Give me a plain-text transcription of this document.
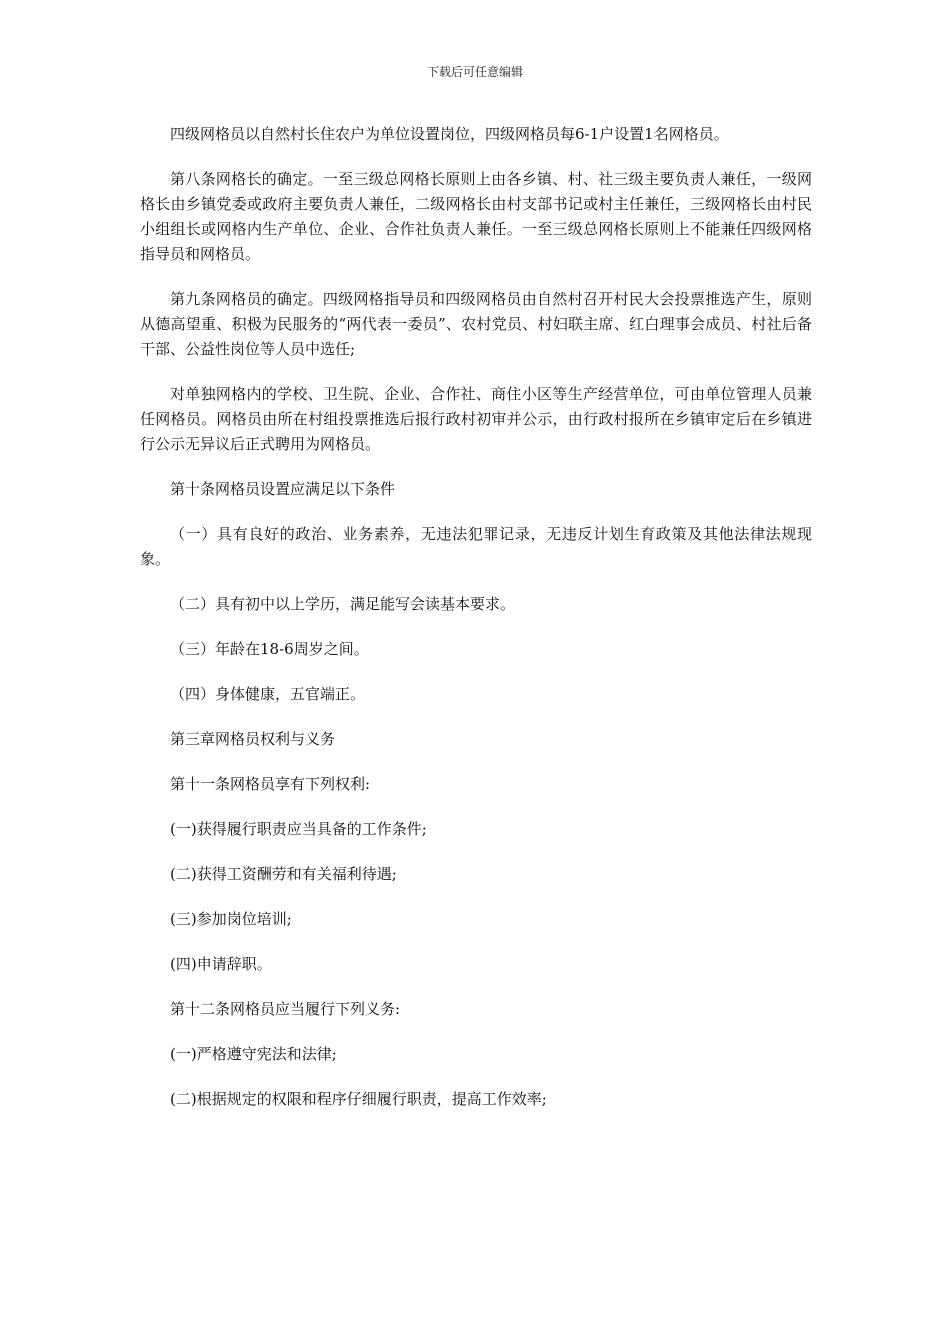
下载后可任意编辑

四级网格员以自然村长住农户为单位设置岗位，四级网格员每6-1户设置1名网格员。

第八条网格长的确定。一至三级总网格长原则上由各乡镇、村、社三级主要负责人兼任，一级网格长由乡镇党委或政府主要负责人兼任，二级网格长由村支部书记或村主任兼任，三级网格长由村民小组组长或网格内生产单位、企业、合作社负责人兼任。一至三级总网格长原则上不能兼任四级网格指导员和网格员。

第九条网格员的确定。四级网格指导员和四级网格员由自然村召开村民大会投票推选产生，原则从德高望重、积极为民服务的“两代表一委员”、农村党员、村妇联主席、红白理事会成员、村社后备干部、公益性岗位等人员中选任;

对单独网格内的学校、卫生院、企业、合作社、商住小区等生产经营单位，可由单位管理人员兼任网格员。网格员由所在村组投票推选后报行政村初审并公示，由行政村报所在乡镇审定后在乡镇进行公示无异议后正式聘用为网格员。

第十条网格员设置应满足以下条件

（一）具有良好的政治、业务素养，无违法犯罪记录，无违反计划生育政策及其他法律法规现象。

（二）具有初中以上学历，满足能写会读基本要求。

（三）年龄在18-6周岁之间。

（四）身体健康，五官端正。

第三章网格员权利与义务

第十一条网格员享有下列权利:

(一)获得履行职责应当具备的工作条件;

(二)获得工资酬劳和有关福利待遇;

(三)参加岗位培训;

(四)申请辞职。

第十二条网格员应当履行下列义务:

(一)严格遵守宪法和法律;

(二)根据规定的权限和程序仔细履行职责，提高工作效率;
